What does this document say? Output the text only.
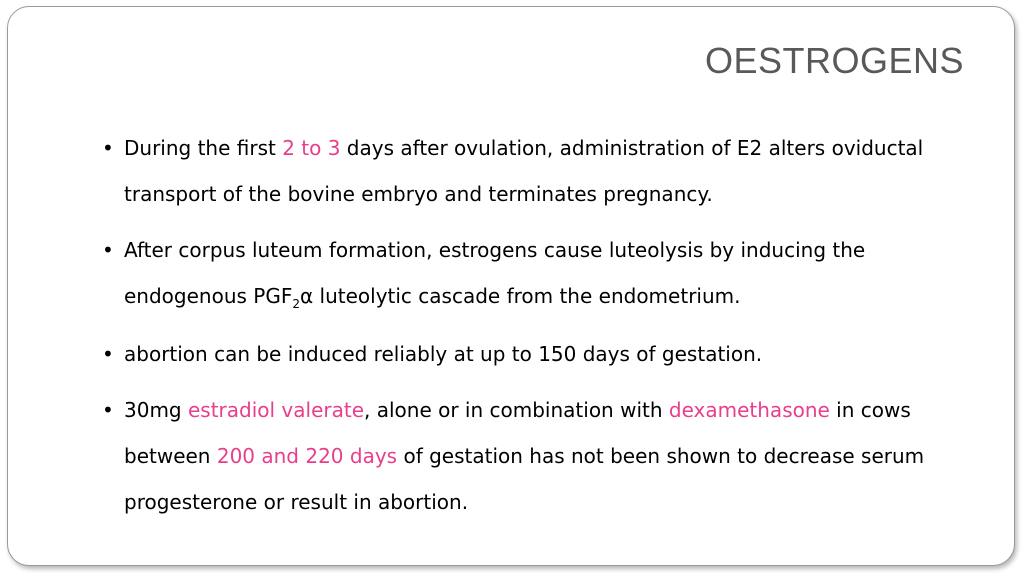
OESTROGENS
• During the first 2 to 3 days after ovulation, administration of E2 alters oviductal transport of the bovine embryo and terminates pregnancy.
• After corpus luteum formation, estrogens cause luteolysis by inducing the endogenous $PGF_2\alpha$ luteolytic cascade from the endometrium.
• abortion can be induced reliably at up to 150 days of gestation.
• 30mg estradiol valerate, alone or in combination with dexamethasone in cows between 200 and 220 days of gestation has not been shown to decrease serum progesterone or result in abortion.
